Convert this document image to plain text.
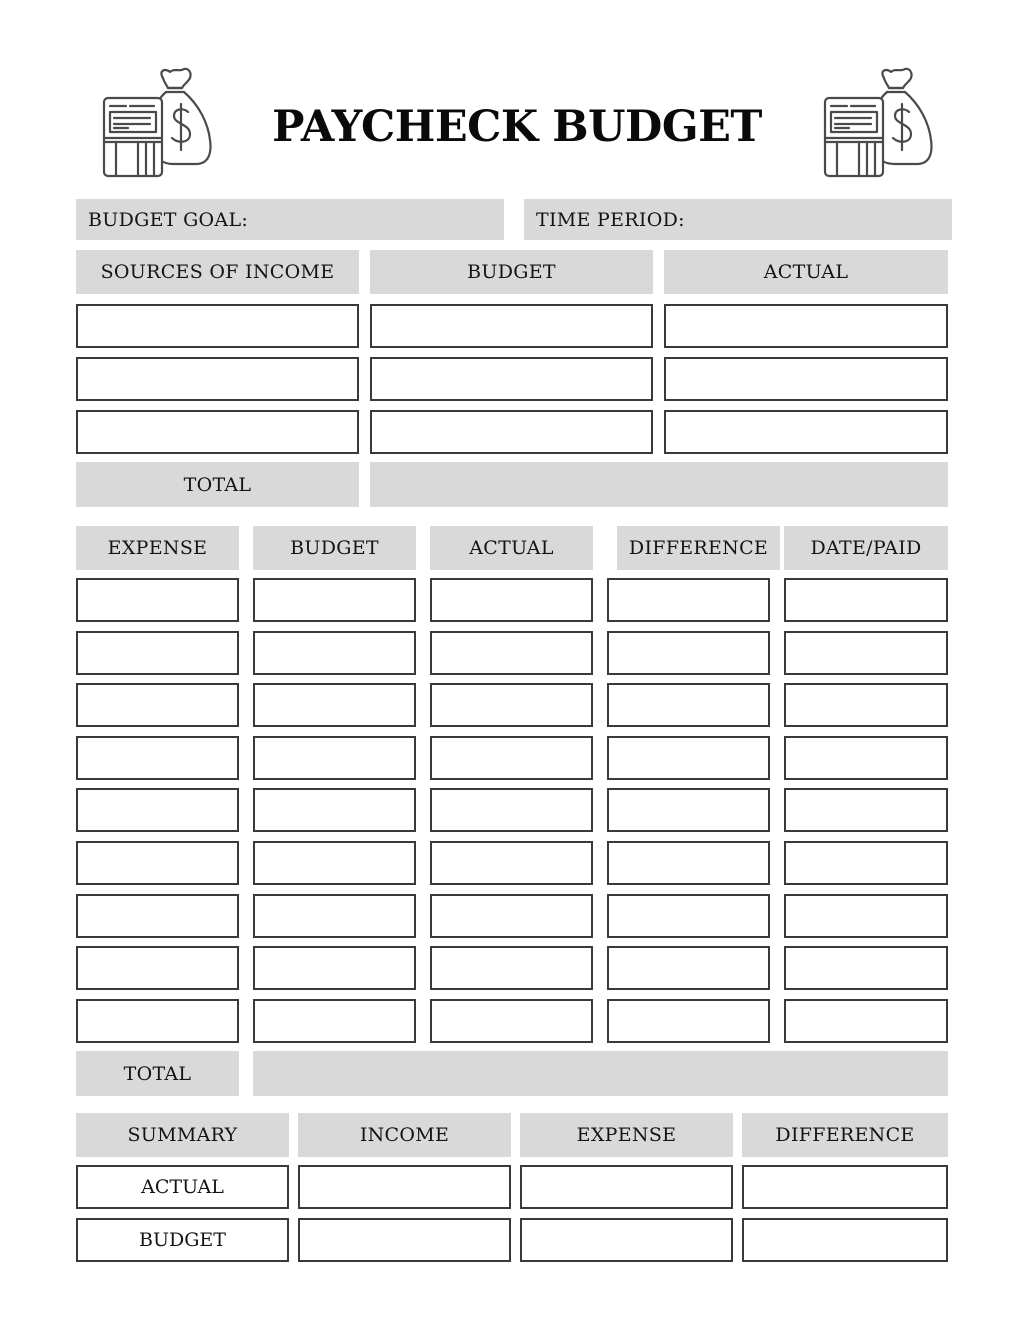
PAYCHECK BUDGET
BUDGET GOAL:	TIME PERIOD:
SOURCES OF INCOME	BUDGET	ACTUAL
TOTAL
EXPENSE	BUDGET	ACTUAL	DIFFERENCE	DATE/PAID
TOTAL
SUMMARY	INCOME	EXPENSE	DIFFERENCE
ACTUAL
BUDGET
